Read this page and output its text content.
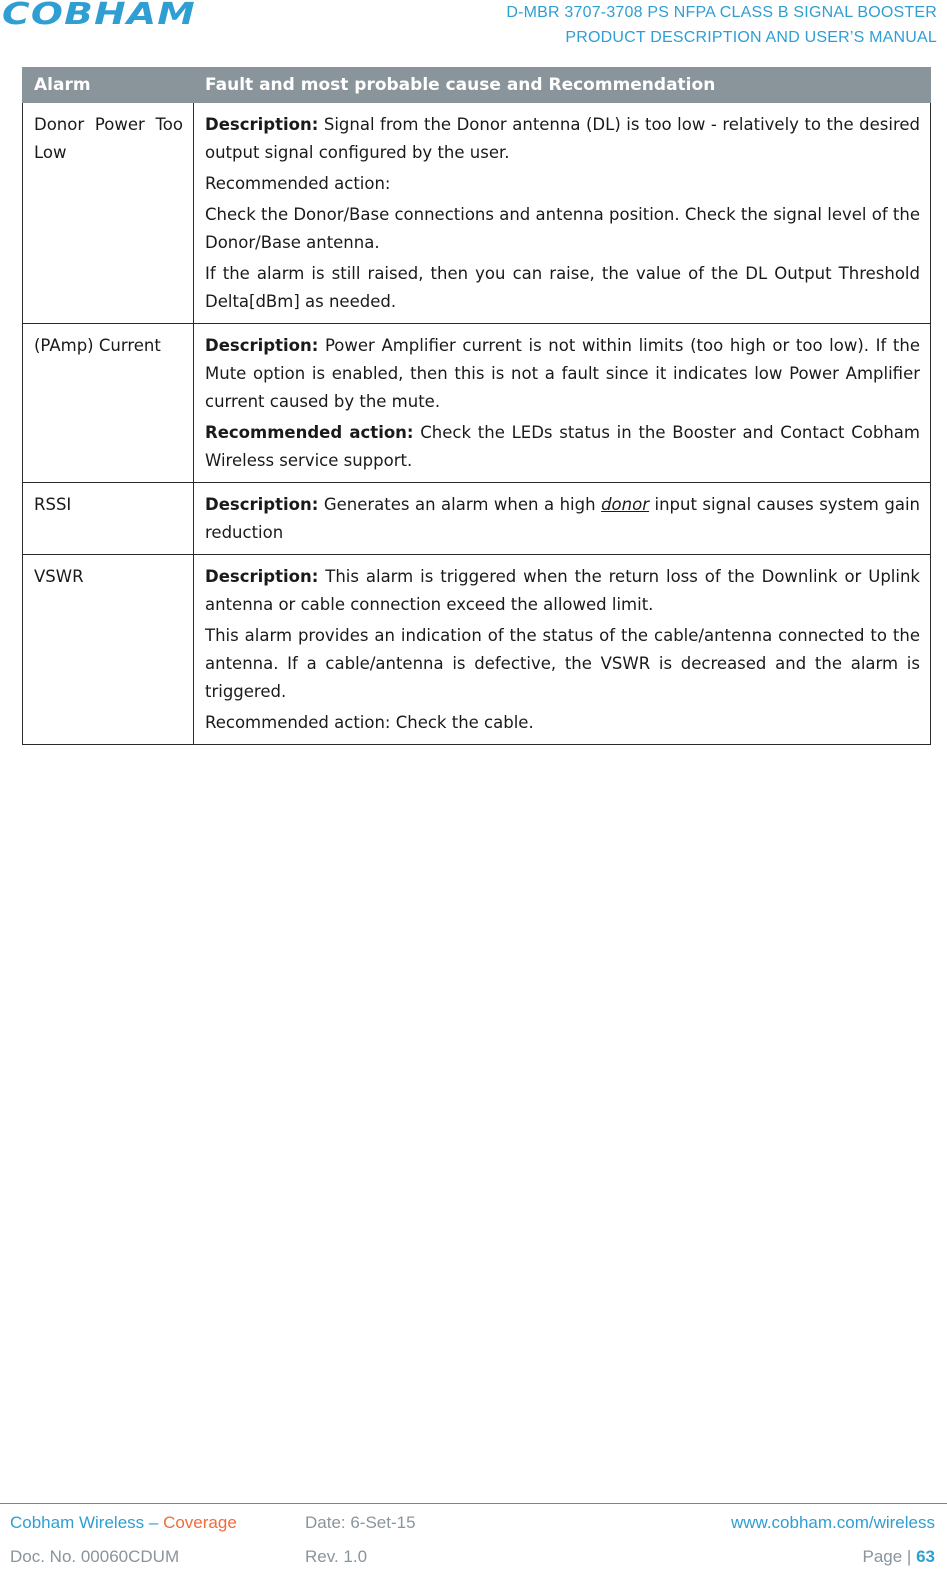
COBHAM	D-MBR 3707-3708 PS NFPA CLASS B SIGNAL BOOSTER
PRODUCT DESCRIPTION AND USER’S MANUAL
Alarm	Fault and most probable cause and Recommendation
Donor Power Too Low	Description: Signal from the Donor antenna (DL) is too low - relatively to the desired output signal configured by the user.

Recommended action:

Check the Donor/Base connections and antenna position. Check the signal level of the Donor/Base antenna.

If the alarm is still raised, then you can raise, the value of the DL Output Threshold Delta[dBm] as needed.

(PAmp) Current	Description: Power Amplifier current is not within limits (too high or too low). If the Mute option is enabled, then this is not a fault since it indicates low Power Amplifier current caused by the mute.

Recommended action: Check the LEDs status in the Booster and Contact Cobham Wireless service support.

RSSI	Description: Generates an alarm when a high donor input signal causes system gain reduction

VSWR	Description: This alarm is triggered when the return loss of the Downlink or Uplink antenna or cable connection exceed the allowed limit.

This alarm provides an indication of the status of the cable/antenna connected to the antenna. If a cable/antenna is defective, the VSWR is decreased and the alarm is triggered.

Recommended action: Check the cable.

Cobham Wireless – Coverage	Date: 6-Set-15	www.cobham.com/wireless
Doc. No. 00060CDUM	Rev. 1.0	Page | 63
